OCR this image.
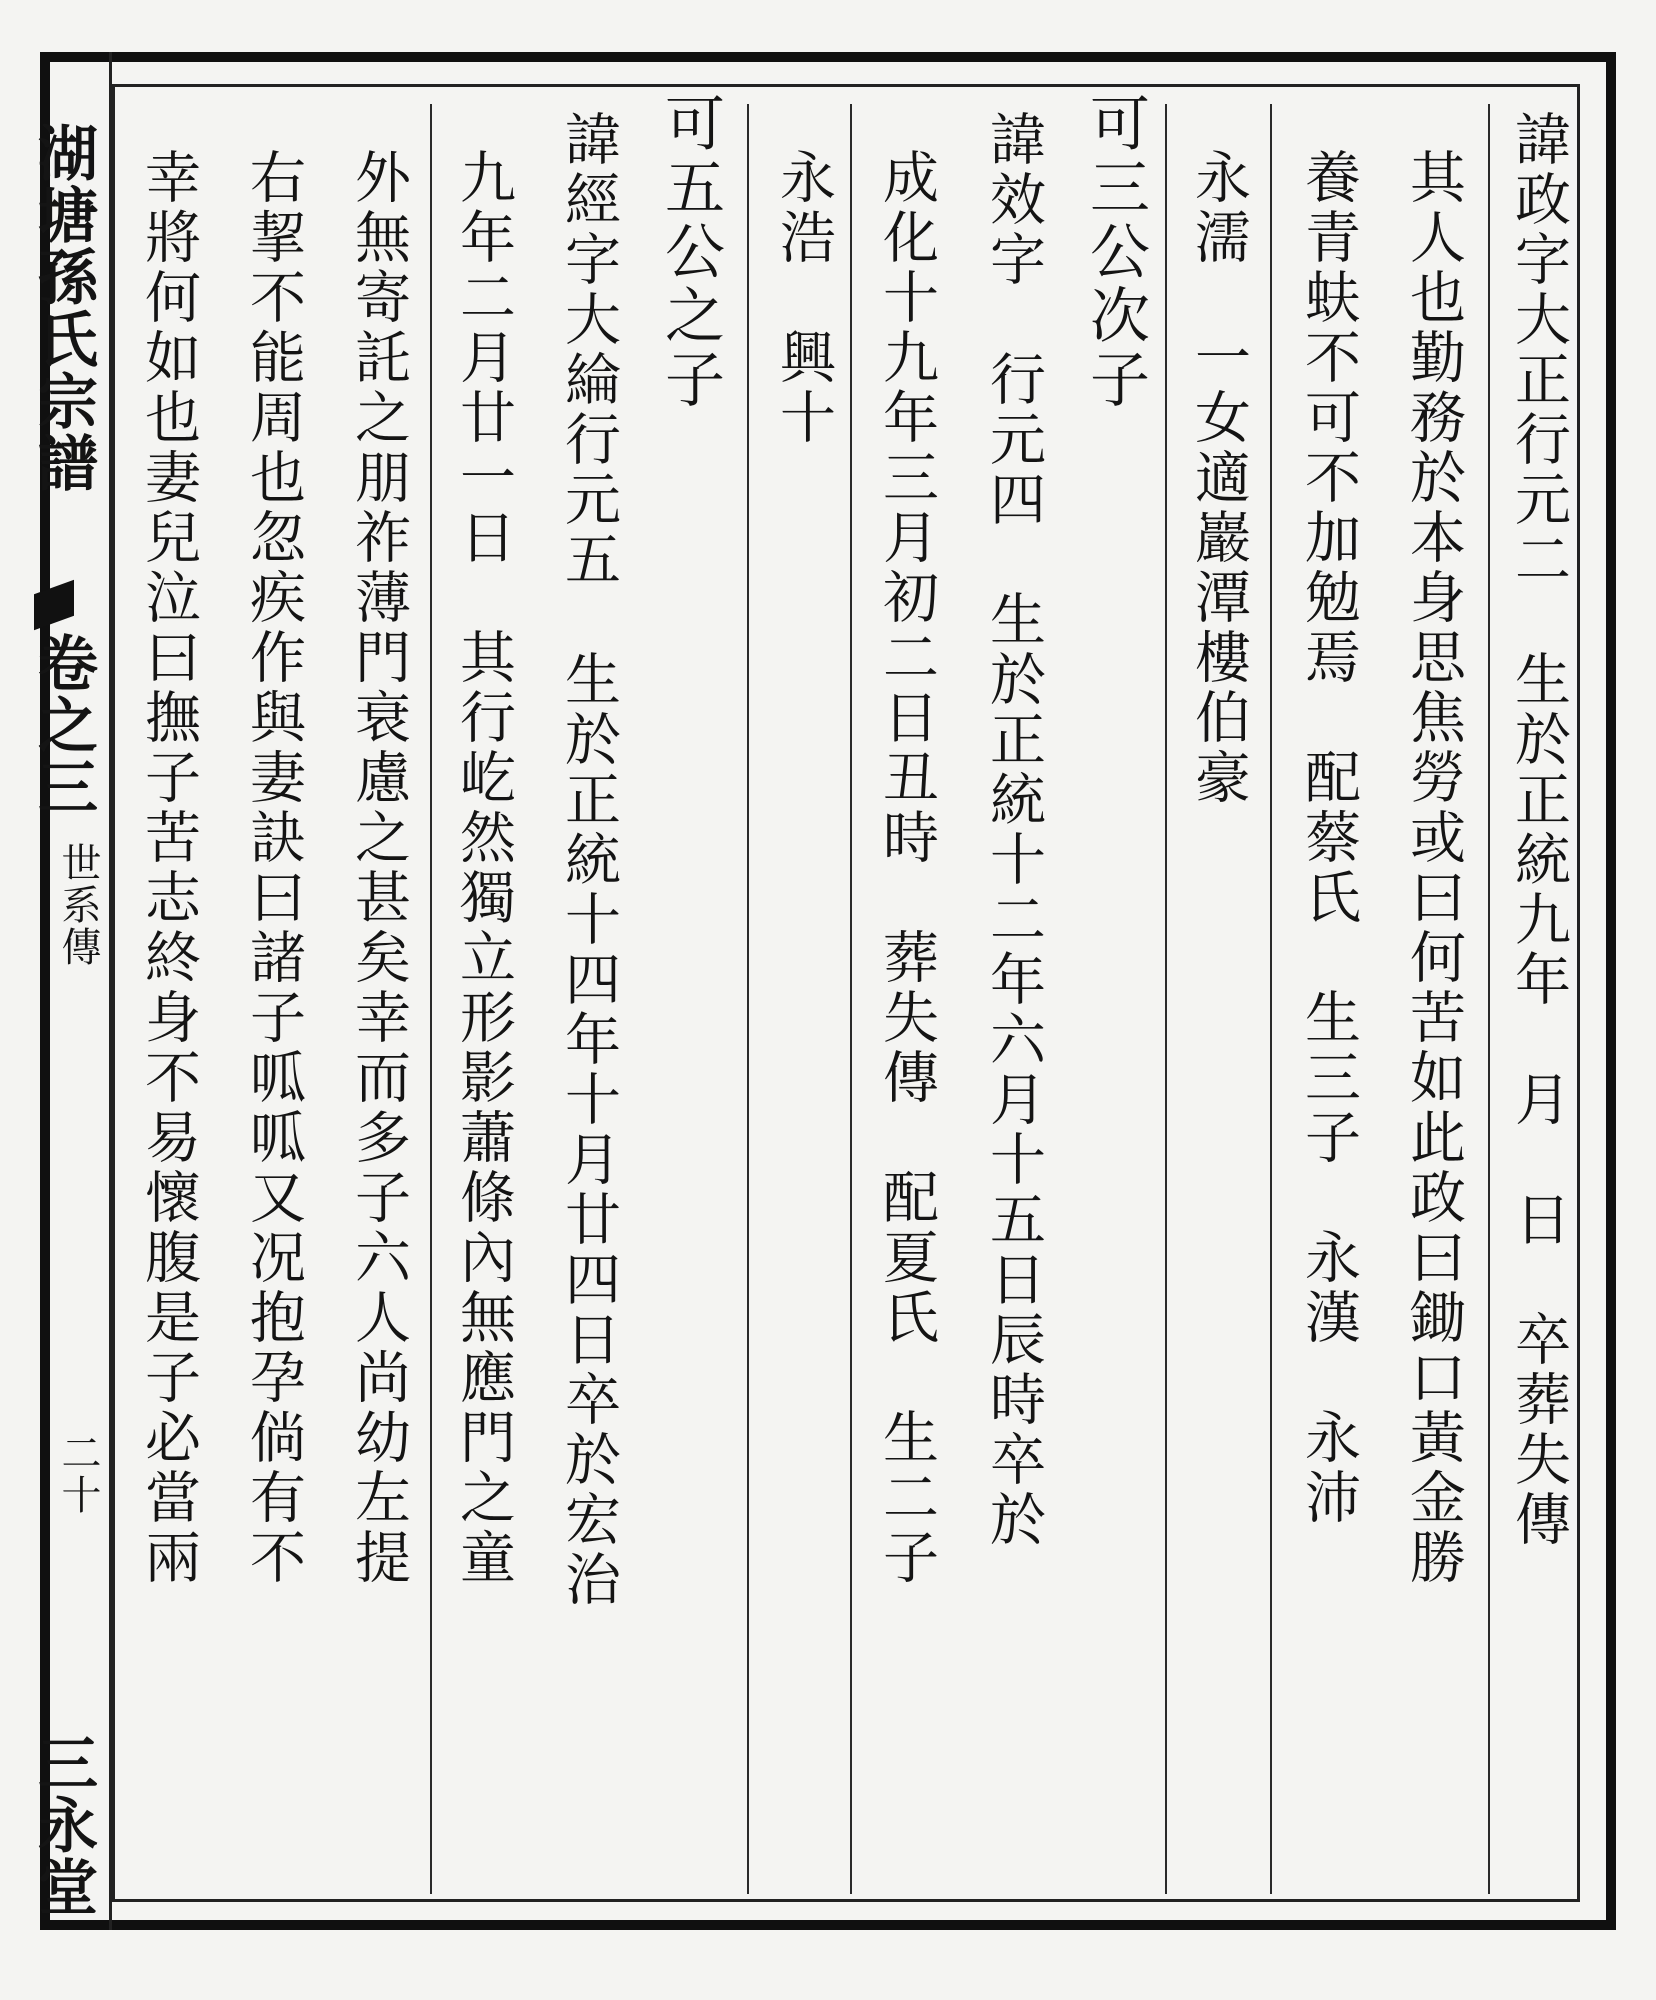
湖塘孫氏宗譜
卷之三
世系傳
二十
三永堂
諱政字大正行元二　生於正統九年　月　日　卒葬失傳
其人也勤務於本身思焦勞或曰何苦如此政曰鋤口黃金勝
養青蚨不可不加勉焉　配蔡氏　生三子　永漢　永沛
永濡　一女適巖潭樓伯豪
可三公次子
諱效字　行元四　生於正統十二年六月十五日辰時卒於
成化十九年三月初二日丑時　葬失傳　配夏氏　生二子
永浩　興十
可五公之子
諱經字大綸行元五　生於正統十四年十月廿四日卒於宏治
九年二月廿一日　其行屹然獨立形影蕭條內無應門之童
外無寄託之朋祚薄門衰慮之甚矣幸而多子六人尚幼左提
右挈不能周也忽疾作與妻訣曰諸子呱呱又况抱孕倘有不
幸將何如也妻兒泣曰撫子苦志終身不易懷腹是子必當兩
